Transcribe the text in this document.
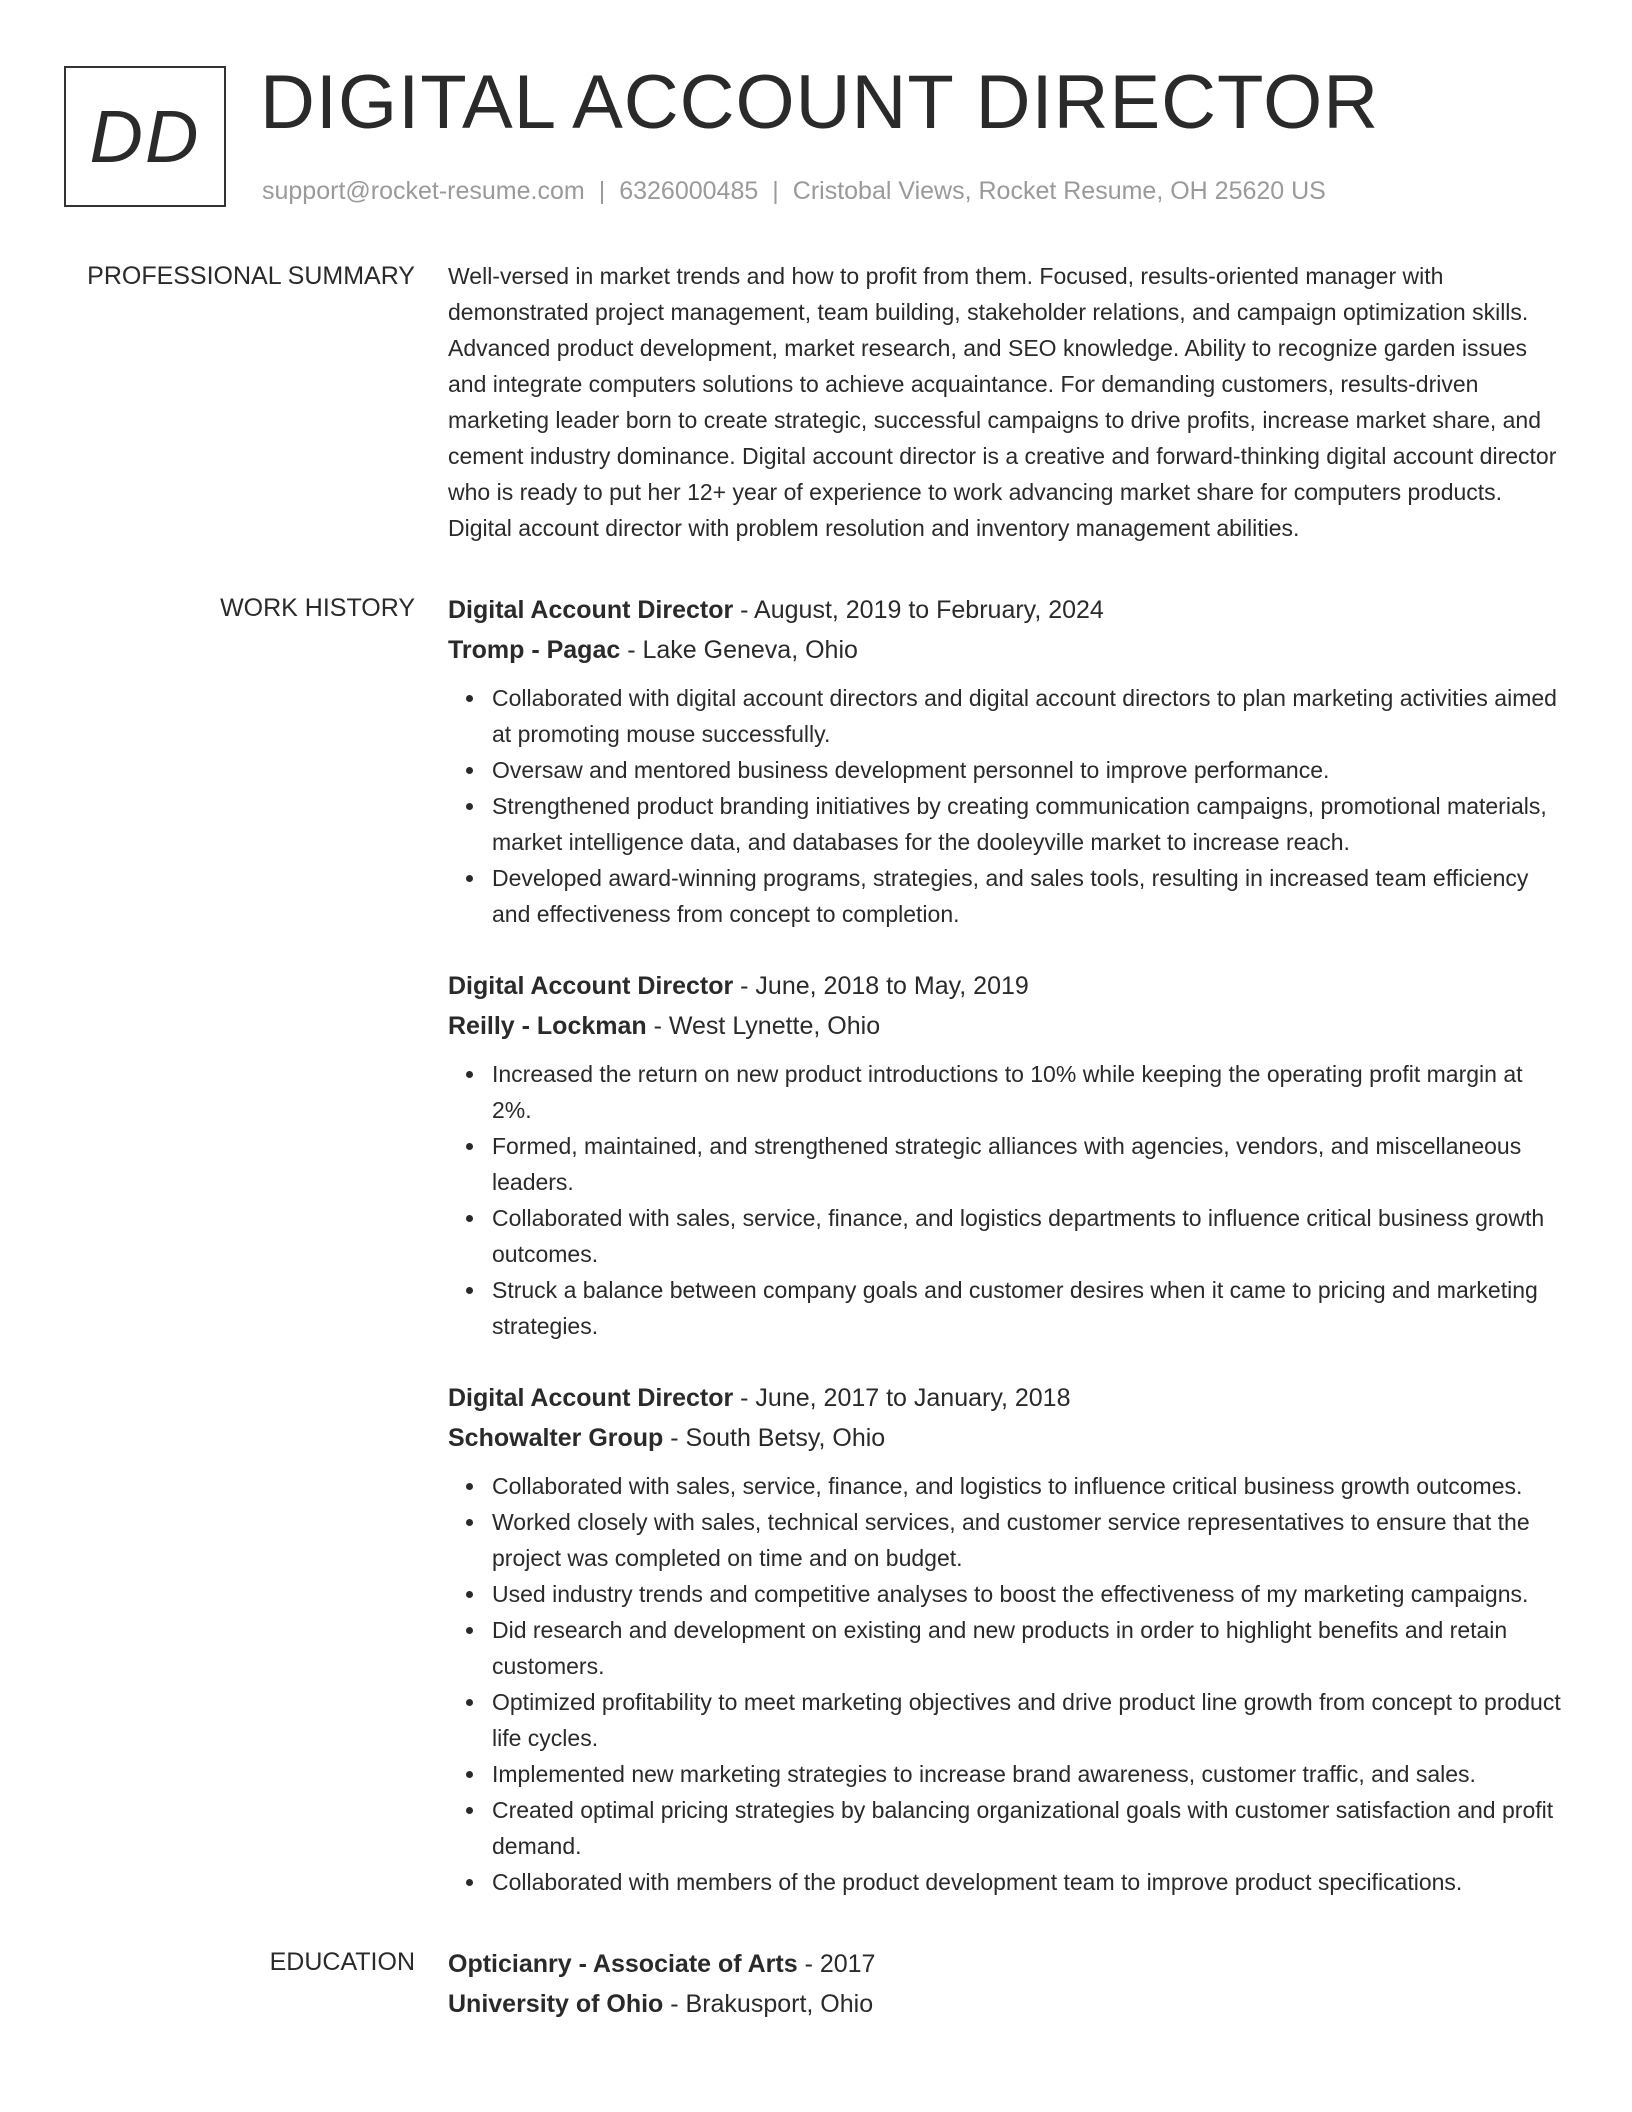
DD DIGITAL ACCOUNT DIRECTOR
support@rocket-resume.com | 6326000485 | Cristobal Views, Rocket Resume, OH 25620 US
PROFESSIONAL SUMMARY Well-versed in market trends and how to profit from them. Focused, results-oriented manager with demonstrated project management, team building, stakeholder relations, and campaign optimization skills. Advanced product development, market research, and SEO knowledge. Ability to recognize garden issues and integrate computers solutions to achieve acquaintance. For demanding customers, results-driven marketing leader born to create strategic, successful campaigns to drive profits, increase market share, and cement industry dominance. Digital account director is a creative and forward-thinking digital account director who is ready to put her 12+ year of experience to work advancing market share for computers products. Digital account director with problem resolution and inventory management abilities.

WORK HISTORY Digital Account Director - August, 2019 to February, 2024
Tromp - Pagac - Lake Geneva, Ohio
Collaborated with digital account directors and digital account directors to plan marketing activities aimed at promoting mouse successfully.
Oversaw and mentored business development personnel to improve performance.
Strengthened product branding initiatives by creating communication campaigns, promotional materials, market intelligence data, and databases for the dooleyville market to increase reach.
Developed award-winning programs, strategies, and sales tools, resulting in increased team efficiency and effectiveness from concept to completion.
Digital Account Director - June, 2018 to May, 2019
Reilly - Lockman - West Lynette, Ohio
Increased the return on new product introductions to 10% while keeping the operating profit margin at 2%.
Formed, maintained, and strengthened strategic alliances with agencies, vendors, and miscellaneous leaders.
Collaborated with sales, service, finance, and logistics departments to influence critical business growth outcomes.
Struck a balance between company goals and customer desires when it came to pricing and marketing strategies.
Digital Account Director - June, 2017 to January, 2018
Schowalter Group - South Betsy, Ohio
Collaborated with sales, service, finance, and logistics to influence critical business growth outcomes.
Worked closely with sales, technical services, and customer service representatives to ensure that the project was completed on time and on budget.
Used industry trends and competitive analyses to boost the effectiveness of my marketing campaigns.
Did research and development on existing and new products in order to highlight benefits and retain customers.
Optimized profitability to meet marketing objectives and drive product line growth from concept to product life cycles.
Implemented new marketing strategies to increase brand awareness, customer traffic, and sales.
Created optimal pricing strategies by balancing organizational goals with customer satisfaction and profit demand.
Collaborated with members of the product development team to improve product specifications.
EDUCATION Opticianry - Associate of Arts - 2017
University of Ohio - Brakusport, Ohio
